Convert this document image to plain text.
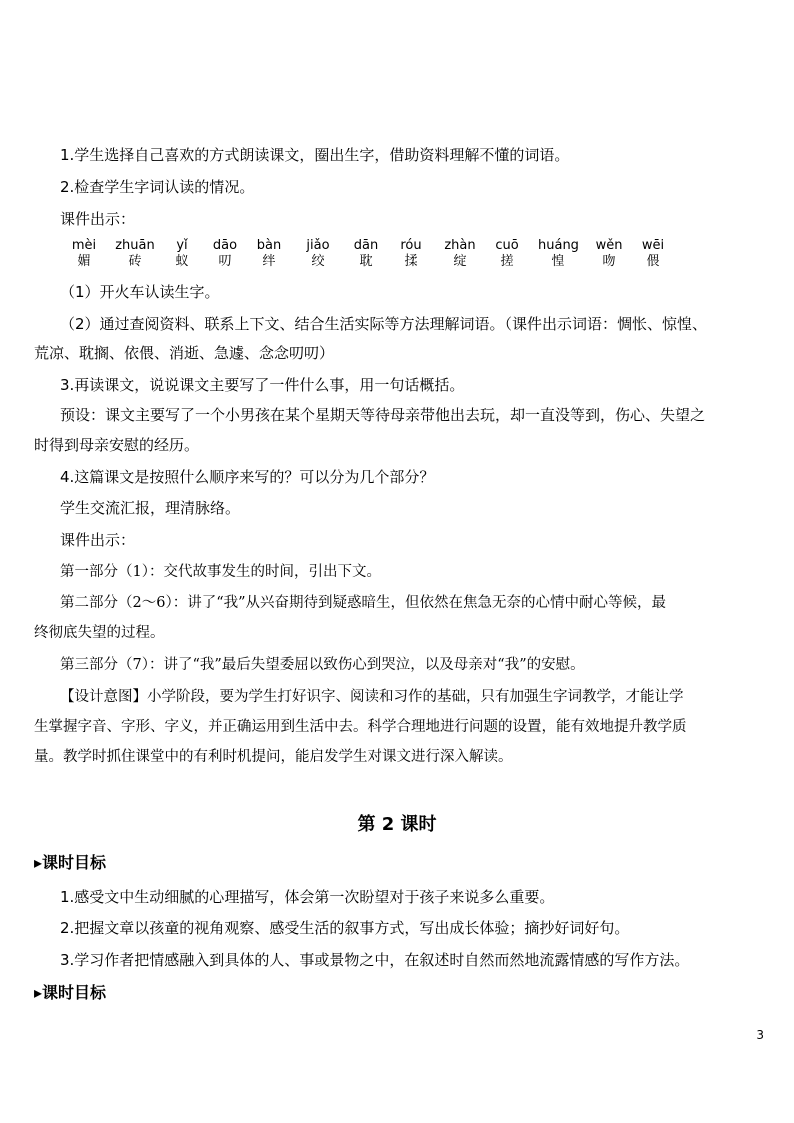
1.学生选择自己喜欢的方式朗读课文，圈出生字，借助资料理解不懂的词语。
2.检查学生字词认读的情况。
课件出示：
mèi
媚
zhuān
砖
yǐ
蚁
dāo
叨
bàn
绊
jiǎo
绞
dān
耽
róu
揉
zhàn
绽
cuō
搓
huáng
惶
wěn
吻
wēi
偎
（1）开火车认读生字。
（2）通过查阅资料、联系上下文、结合生活实际等方法理解词语。（课件出示词语：惆怅、惊惶、
荒凉、耽搁、依偎、消逝、急遽、念念叨叨）
3.再读课文，说说课文主要写了一件什么事，用一句话概括。
预设：课文主要写了一个小男孩在某个星期天等待母亲带他出去玩，却一直没等到，伤心、失望之
时得到母亲安慰的经历。
4.这篇课文是按照什么顺序来写的？可以分为几个部分？
学生交流汇报，理清脉络。
课件出示：
第一部分（1）：交代故事发生的时间，引出下文。
第二部分（2～6）：讲了“我”从兴奋期待到疑惑暗生，但依然在焦急无奈的心情中耐心等候，最
终彻底失望的过程。
第三部分（7）：讲了“我”最后失望委屈以致伤心到哭泣，以及母亲对“我”的安慰。
【设计意图】小学阶段，要为学生打好识字、阅读和习作的基础，只有加强生字词教学，才能让学
生掌握字音、字形、字义，并正确运用到生活中去。科学合理地进行问题的设置，能有效地提升教学质
量。教学时抓住课堂中的有利时机提问，能启发学生对课文进行深入解读。
第 2 课时
▸课时目标
1.感受文中生动细腻的心理描写，体会第一次盼望对于孩子来说多么重要。
2.把握文章以孩童的视角观察、感受生活的叙事方式，写出成长体验；摘抄好词好句。
3.学习作者把情感融入到具体的人、事或景物之中，在叙述时自然而然地流露情感的写作方法。
▸课时目标
3
